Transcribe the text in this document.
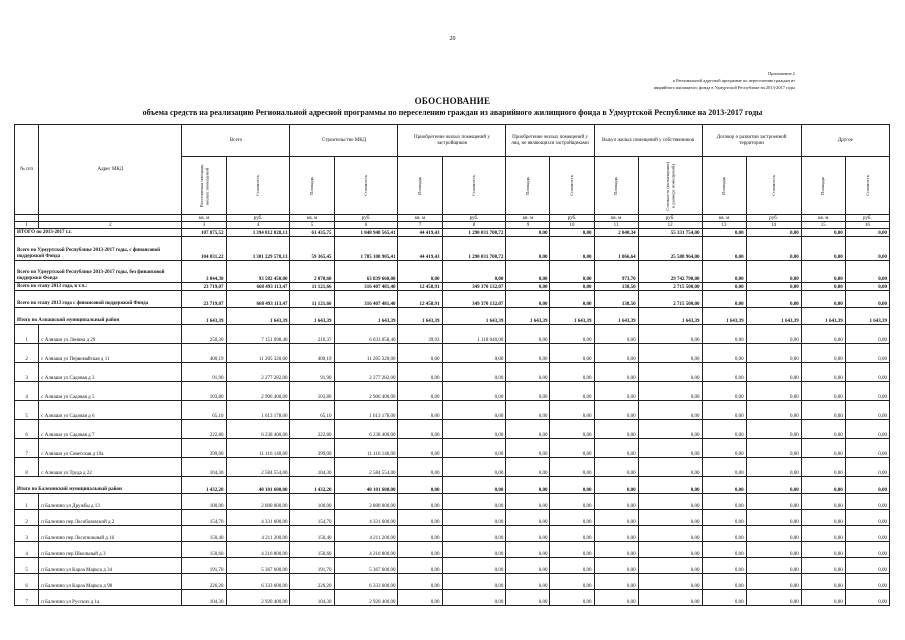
20
Приложение 2
к Региональной адресной программе по переселению граждан из
аварийного жилищного фонда в Удмуртской Республике на 2013-2017 годы
ОБОСНОВАНИЕ
объема средств на реализацию Региональной адресной программы по переселению граждан из аварийного жилищного фонда в Удмуртской Республике на 2013-2017 годы
№ п/п	Адрес МКД	Всего		Строительство МКД		Приобретение жилых помещений у застройщиков		Приобретение жилых помещений у лиц, не являющихся застройщиками		Выкуп жилых помещений у собственников		Договор о развитии застроенной территории		Другое	

		Расселяемая площадь жилых помещений	Стоимость	Площадь	Стоимость	Площадь	Стоимость	Площадь	Стоимость	Площадь	Стоимость (возмещение) в размере помещений)	Площадь	Стоимость	Площадь	Стоимость

		кв. м	руб.	кв. м	руб.	кв. м	руб.	кв. м	руб.	кв. м	руб.	кв. м	руб.	кв. м	руб.
1	2	3	4	5	6	7	8	9	10	11	12	13	14	15	16
ИТОГО по 2013-2017 г.г.		107 875,52	3 394 812 028,13	61 435,75	1 848 948 565,41	44 419,43	1 290 831 708,72	0,00	0,00	2 040,34	55 331 754,00	0,00	0,00	0,00	0,00
Всего по Удмуртской Республике 2013-2017 годы, с финансовой поддержкой Фонда		104 831,22	3 301 229 578,13	59 365,45	1 785 108 905,41	44 419,43	1 290 831 708,72	0,00	0,00	1 066,64	25 588 964,00	0,00	0,00	0,00	0,00
Всего по Удмуртской Республике 2013-2017 годы, без финансовой поддержки Фонда		3 044,30	93 582 450,00	2 070,60	63 839 660,00	0,00	0,00	0,00	0,00	973,70	29 742 790,00	0,00	0,00	0,00	0,00
Всего по этапу 2013 года, в т.ч.:		23 719,07	668 493 113,47	11 121,66	316 407 481,40	12 458,91	349 370 132,07	0,00	0,00	138,50	2 715 500,00	0,00	0,00	0,00	0,00
Всего по этапу 2013 года с финансовой поддержкой Фонда		23 719,07	668 493 113,47	11 121,66	316 407 481,40	12 458,91	349 370 132,07	0,00	0,00	138,50	2 715 500,00	0,00	0,00	0,00	0,00
Итого по Алнашский муниципальный район		1 643,39	1 643,39	1 643,39	1 643,39	1 643,39	1 643,39	1 643,39	1 643,39	1 643,39	1 643,39	1 643,39	1 643,39	1 643,39	1 643,39
1	с Алнаши ул Ленина д 29	250,30	7 151 098,40	216,37	6 033 058,40	39,93	1 118 040,00	0,00	0,00	0,00	0,00	0,00	0,00	0,00	0,00
2	с Алнаши ул Первомайская д 11	400,19	11 205 320,00	400,19	11 205 320,00	0,00	0,00	0,00	0,00	0,00	0,00	0,00	0,00	0,00	0,00
3	с Алнаши ул Садовая д 3	91,90	2 277 282,00	91,90	2 277 282,00	0,00	0,00	0,00	0,00	0,00	0,00	0,00	0,00	0,00	0,00
4	с Алнаши ул Садовая д 5	103,80	2 906 400,00	103,80	2 906 400,00	0,00	0,00	0,00	0,00	0,00	0,00	0,00	0,00	0,00	0,00
5	с Алнаши ул Садовая д 6	65,10	1 613 178,00	65,10	1 613 178,00	0,00	0,00	0,00	0,00	0,00	0,00	0,00	0,00	0,00	0,00
6	с Алнаши ул Садовая д 7	222,80	6 238 400,00	222,80	6 238 400,00	0,00	0,00	0,00	0,00	0,00	0,00	0,00	0,00	0,00	0,00
7	с Алнаши ул Советская д 19а	399,00	11 116 140,00	399,00	11 116 140,00	0,00	0,00	0,00	0,00	0,00	0,00	0,00	0,00	0,00	0,00
8	с Алнаши ул Труда д 22	104,30	2 584 554,00	104,30	2 584 554,00	0,00	0,00	0,00	0,00	0,00	0,00	0,00	0,00	0,00	0,00
Итого по Балезинский муниципальный район		1 432,20	40 101 600,00	1 432,20	40 101 600,00	0,00	0,00	0,00	0,00	0,00	0,00	0,00	0,00	0,00	0,00
1	п Балезино ул Дружбы д 13	100,00	2 800 000,00	100,00	2 800 000,00	0,00	0,00	0,00	0,00	0,00	0,00	0,00	0,00	0,00	0,00
2	п Балезино пер Лесобазовский д 2	154,70	4 331 600,00	154,70	4 331 600,00	0,00	0,00	0,00	0,00	0,00	0,00	0,00	0,00	0,00	0,00
3	п Балезино пер Лесопильный д 16	150,40	4 211 200,00	150,40	4 211 200,00	0,00	0,00	0,00	0,00	0,00	0,00	0,00	0,00	0,00	0,00
4	п Балезино пер Школьный д 3	150,60	4 216 800,00	150,60	4 216 800,00	0,00	0,00	0,00	0,00	0,00	0,00	0,00	0,00	0,00	0,00
5	п Балезино ул Карла Маркса д 34	191,70	5 367 600,00	191,70	5 367 600,00	0,00	0,00	0,00	0,00	0,00	0,00	0,00	0,00	0,00	0,00
6	п Балезино ул Карла Маркса д 98	226,20	6 333 600,00	226,20	6 333 600,00	0,00	0,00	0,00	0,00	0,00	0,00	0,00	0,00	0,00	0,00
7	п Балезино ул Русских д 1а	104,30	2 920 400,00	104,30	2 920 400,00	0,00	0,00	0,00	0,00	0,00	0,00	0,00	0,00	0,00	0,00
